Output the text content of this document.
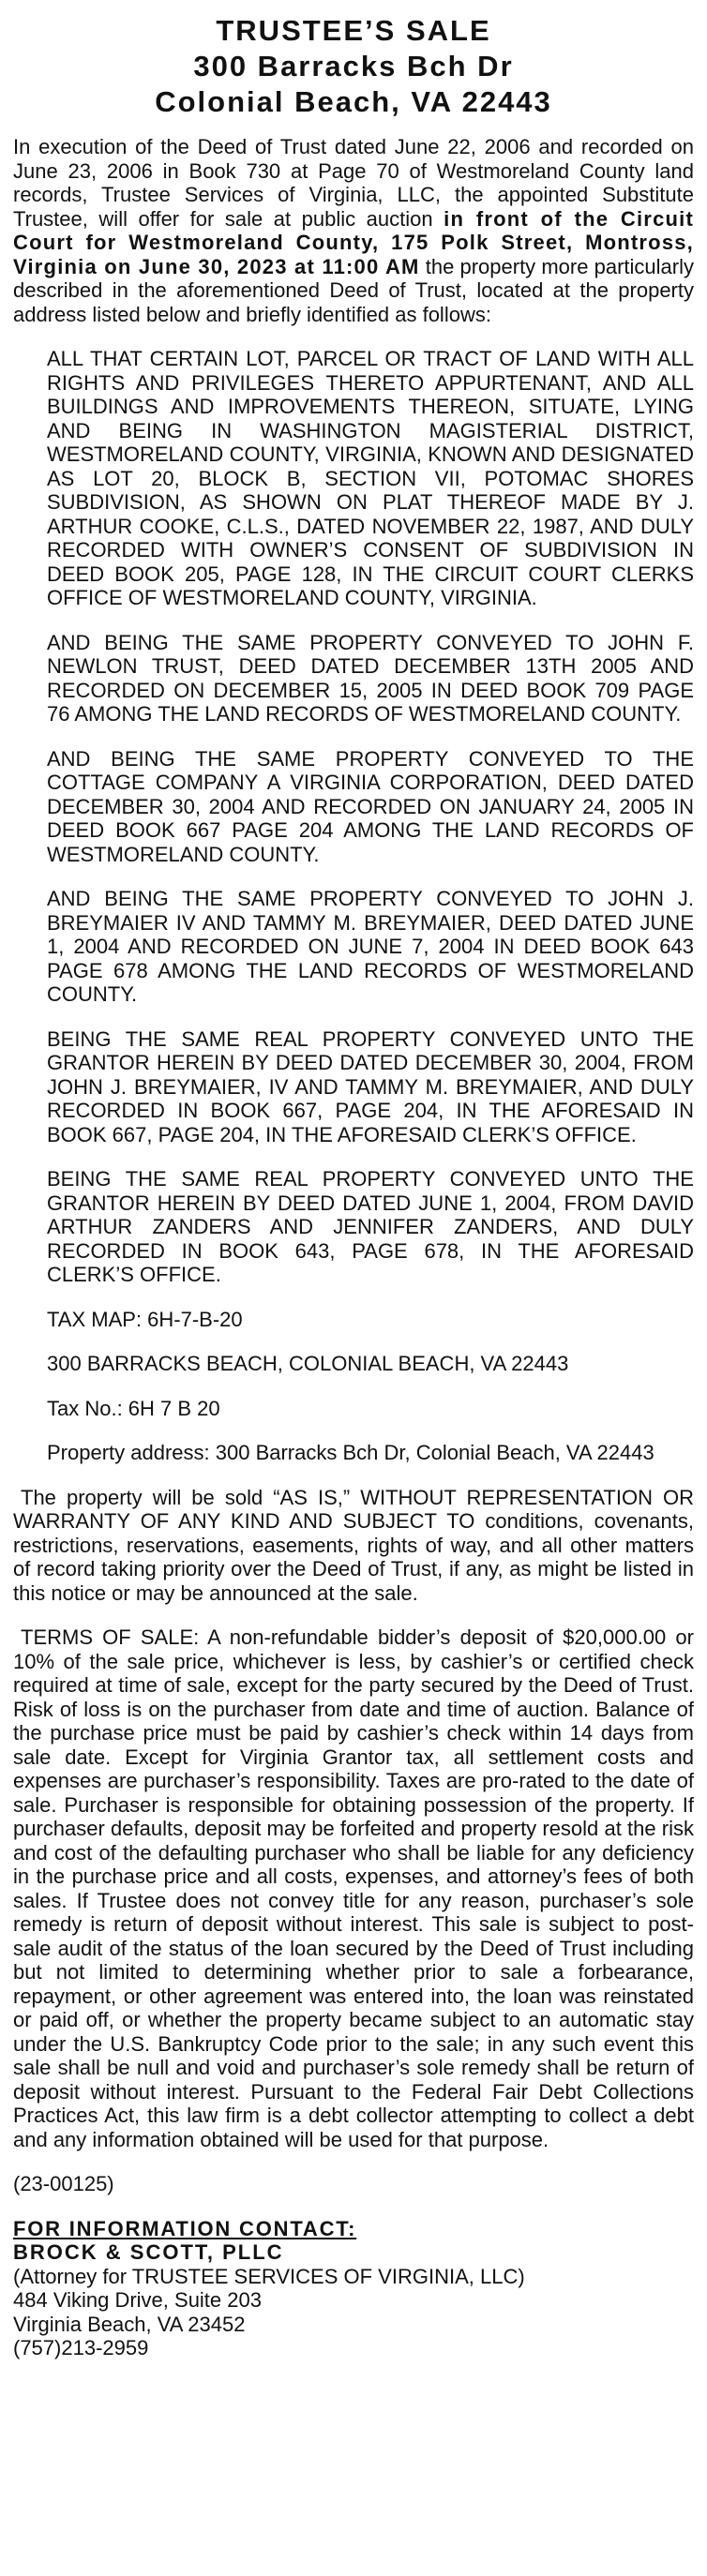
TRUSTEE’S SALE
300 Barracks Bch Dr
Colonial Beach, VA 22443

In execution of the Deed of Trust dated June 22, 2006 and recorded on June 23, 2006 in Book 730 at Page 70 of Westmoreland County land records, Trustee Services of Virginia, LLC, the appointed Substitute Trustee, will offer for sale at public auction in front of the Circuit Court for Westmoreland County, 175 Polk Street, Montross, Virginia on June 30, 2023 at 11:00 AM the property more particularly described in the aforementioned Deed of Trust, located at the property address listed below and briefly identified as follows:

ALL THAT CERTAIN LOT, PARCEL OR TRACT OF LAND WITH ALL RIGHTS AND PRIVILEGES THERETO APPURTENANT, AND ALL BUILDINGS AND IMPROVEMENTS THEREON, SITUATE, LYING AND BEING IN WASHINGTON MAGISTERIAL DISTRICT, WESTMORELAND COUNTY, VIRGINIA, KNOWN AND DESIGNATED AS LOT 20, BLOCK B, SECTION VII, POTOMAC SHORES SUBDIVISION, AS SHOWN ON PLAT THEREOF MADE BY J. ARTHUR COOKE, C.L.S., DATED NOVEMBER 22, 1987, AND DULY RECORDED WITH OWNER’S CONSENT OF SUBDIVISION IN DEED BOOK 205, PAGE 128, IN THE CIRCUIT COURT CLERKS OFFICE OF WESTMORELAND COUNTY, VIRGINIA.

AND BEING THE SAME PROPERTY CONVEYED TO JOHN F. NEWLON TRUST, DEED DATED DECEMBER 13TH 2005 AND RECORDED ON DECEMBER 15, 2005 IN DEED BOOK 709 PAGE 76 AMONG THE LAND RECORDS OF WESTMORELAND COUNTY.

AND BEING THE SAME PROPERTY CONVEYED TO THE COTTAGE COMPANY A VIRGINIA CORPORATION, DEED DATED DECEMBER 30, 2004 AND RECORDED ON JANUARY 24, 2005 IN DEED BOOK 667 PAGE 204 AMONG THE LAND RECORDS OF WESTMORELAND COUNTY.

AND BEING THE SAME PROPERTY CONVEYED TO JOHN J. BREYMAIER IV AND TAMMY M. BREYMAIER, DEED DATED JUNE 1, 2004 AND RECORDED ON JUNE 7, 2004 IN DEED BOOK 643 PAGE 678 AMONG THE LAND RECORDS OF WESTMORELAND COUNTY.

BEING THE SAME REAL PROPERTY CONVEYED UNTO THE GRANTOR HEREIN BY DEED DATED DECEMBER 30, 2004, FROM JOHN J. BREYMAIER, IV AND TAMMY M. BREYMAIER, AND DULY RECORDED IN BOOK 667, PAGE 204, IN THE AFORESAID IN BOOK 667, PAGE 204, IN THE AFORESAID CLERK’S OFFICE.

BEING THE SAME REAL PROPERTY CONVEYED UNTO THE GRANTOR HEREIN BY DEED DATED JUNE 1, 2004, FROM DAVID ARTHUR ZANDERS AND JENNIFER ZANDERS, AND DULY RECORDED IN BOOK 643, PAGE 678, IN THE AFORESAID CLERK’S OFFICE.

TAX MAP: 6H-7-B-20

300 BARRACKS BEACH, COLONIAL BEACH, VA 22443

Tax No.: 6H 7 B 20

Property address: 300 Barracks Bch Dr, Colonial Beach, VA 22443

The property will be sold “AS IS,” WITHOUT REPRESENTATION OR WARRANTY OF ANY KIND AND SUBJECT TO conditions, covenants, restrictions, reservations, easements, rights of way, and all other matters of record taking priority over the Deed of Trust, if any, as might be listed in this notice or may be announced at the sale.

TERMS OF SALE: A non-refundable bidder’s deposit of $20,000.00 or 10% of the sale price, whichever is less, by cashier’s or certified check required at time of sale, except for the party secured by the Deed of Trust. Risk of loss is on the purchaser from date and time of auction. Balance of the purchase price must be paid by cashier’s check within 14 days from sale date. Except for Virginia Grantor tax, all settlement costs and expenses are purchaser’s responsibility. Taxes are pro-rated to the date of sale. Purchaser is responsible for obtaining possession of the property. If purchaser defaults, deposit may be forfeited and property resold at the risk and cost of the defaulting purchaser who shall be liable for any deficiency in the purchase price and all costs, expenses, and attorney’s fees of both sales. If Trustee does not convey title for any reason, purchaser’s sole remedy is return of deposit without interest. This sale is subject to post-sale audit of the status of the loan secured by the Deed of Trust including but not limited to determining whether prior to sale a forbearance, repayment, or other agreement was entered into, the loan was reinstated or paid off, or whether the property became subject to an automatic stay under the U.S. Bankruptcy Code prior to the sale; in any such event this sale shall be null and void and purchaser’s sole remedy shall be return of deposit without interest. Pursuant to the Federal Fair Debt Collections Practices Act, this law firm is a debt collector attempting to collect a debt and any information obtained will be used for that purpose.

(23-00125)

FOR INFORMATION CONTACT:
BROCK & SCOTT, PLLC
(Attorney for TRUSTEE SERVICES OF VIRGINIA, LLC)
484 Viking Drive, Suite 203
Virginia Beach, VA 23452
(757)213-2959
